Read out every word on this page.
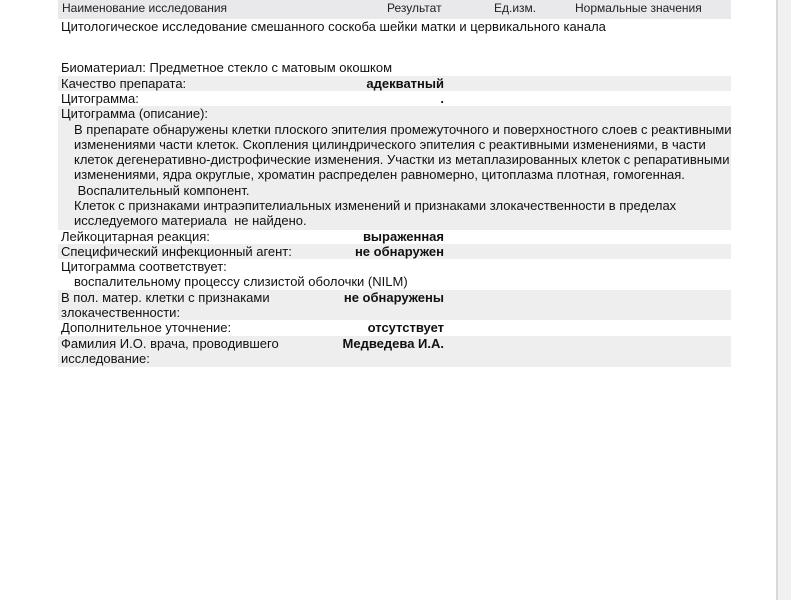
Наименование исследования	Результат	Ед.изм.	Нормальные значения
Цитологическое исследование смешанного соскоба шейки матки и цервикального канала
Биоматериал: Предметное стекло с матовым окошком
Качество препарата:	адекватный
Цитограмма:	.
Цитограмма (описание):
В препарате обнаружены клетки плоского эпителия промежуточного и поверхностного слоев с реактивными
изменениями части клеток. Скопления цилиндрического эпителия с реактивными изменениями, в части
клеток дегенеративно-дистрофические изменения. Участки из метаплазированных клеток с репаративными
изменениями, ядра округлые, хроматин распределен равномерно, цитоплазма плотная, гомогенная.
Воспалительный компонент.
Клеток с признаками интраэпителиальных изменений и признаками злокачественности в пределах
исследуемого материала  не найдено.
Лейкоцитарная реакция:	выраженная
Специфический инфекционный агент:	не обнаружен
Цитограмма соответствует:
воспалительному процессу слизистой оболочки (NILM)
В пол. матер. клетки с признаками
злокачественности:
не обнаружены
Дополнительное уточнение:	отсутствует
Фамилия И.О. врача, проводившего
исследование:
Медведева И.А.
